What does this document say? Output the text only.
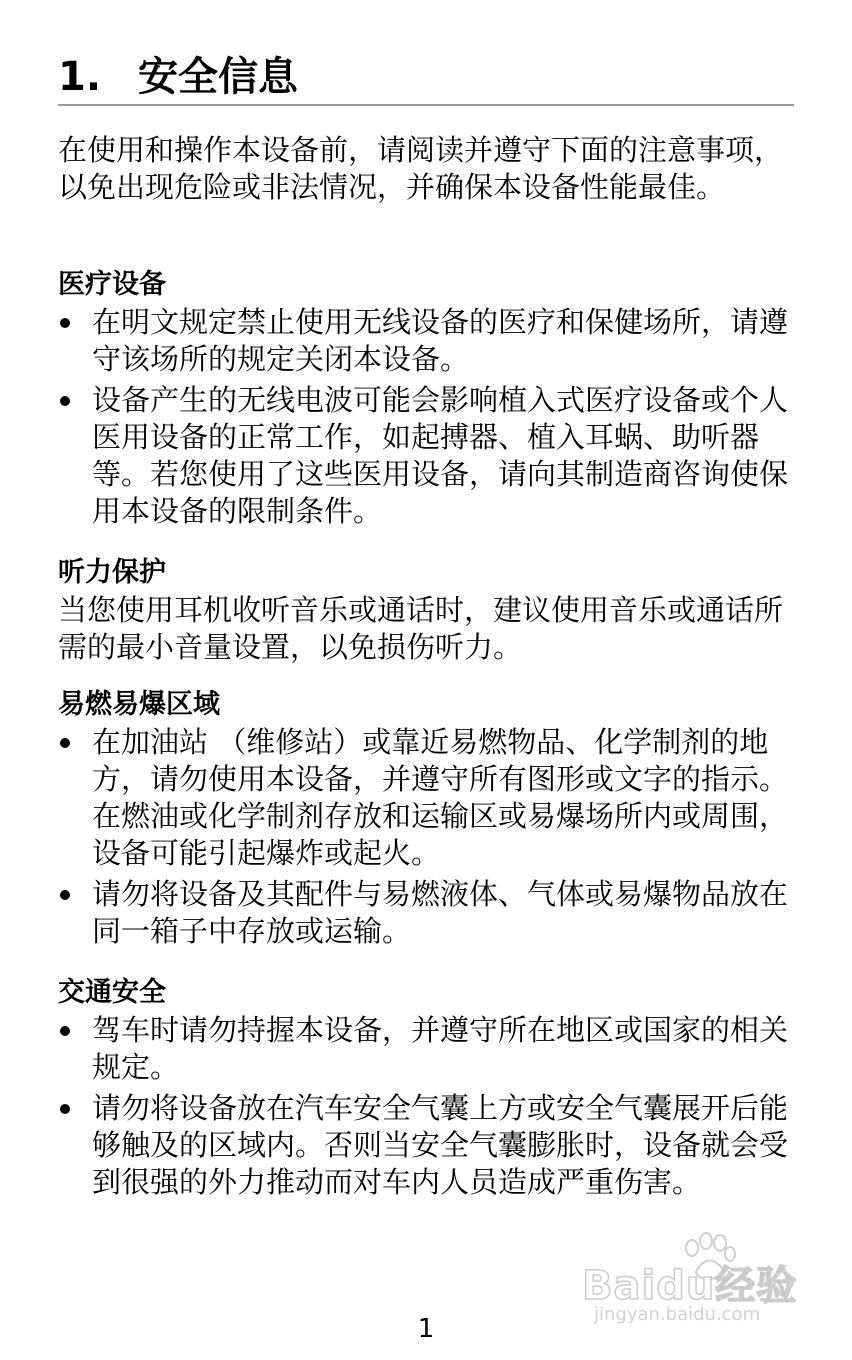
1. 安全信息

在使用和操作本设备前，请阅读并遵守下面的注意事项，以免出现危险或非法情况，并确保本设备性能最佳。

医疗设备

在明文规定禁止使用无线设备的医疗和保健场所，请遵守该场所的规定关闭本设备。
设备产生的无线电波可能会影响植入式医疗设备或个人医用设备的正常工作，如起搏器、植入耳蜗、助听器等。若您使用了这些医用设备，请向其制造商咨询使保用本设备的限制条件。

听力保护

当您使用耳机收听音乐或通话时，建议使用音乐或通话所需的最小音量设置，以免损伤听力。

易燃易爆区域

在加油站 （维修站）或靠近易燃物品、化学制剂的地方，请勿使用本设备，并遵守所有图形或文字的指示。在燃油或化学制剂存放和运输区或易爆场所内或周围，设备可能引起爆炸或起火。
请勿将设备及其配件与易燃液体、气体或易爆物品放在同一箱子中存放或运输。

交通安全

驾车时请勿持握本设备，并遵守所在地区或国家的相关规定。
请勿将设备放在汽车安全气囊上方或安全气囊展开后能够触及的区域内。否则当安全气囊膨胀时，设备就会受到很强的外力推动而对车内人员造成严重伤害。
Baidu经验
jingyan.baidu.com
1
